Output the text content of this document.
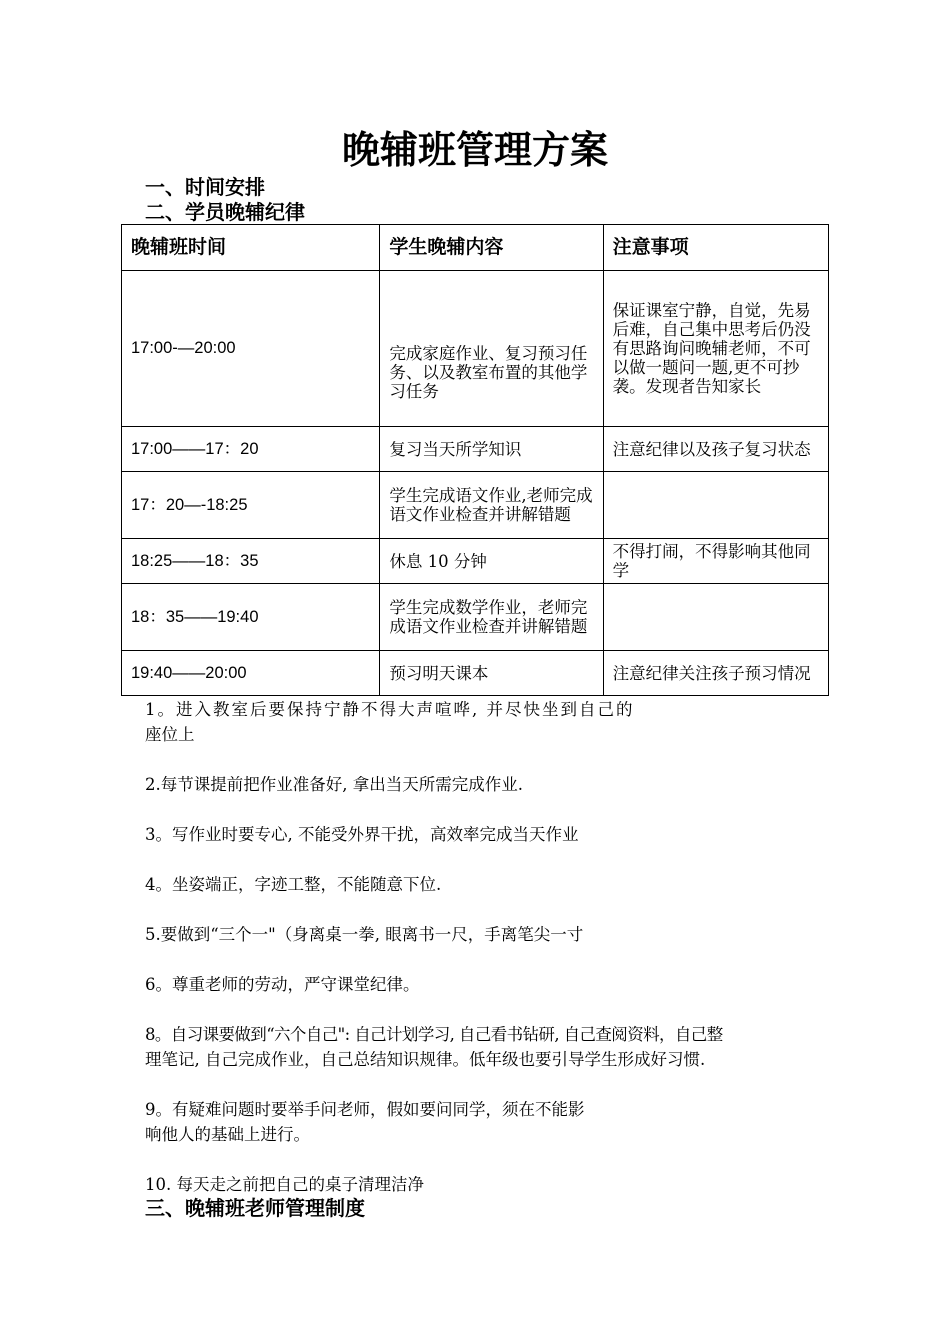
晚辅班管理方案
一、时间安排
二、学员晚辅纪律
晚辅班时间	学生晚辅内容	注意事项
17:00-—20:00	完成家庭作业、复习预习任务、以及教室布置的其他学习任务	保证课室宁静，自觉，先易后难，自己集中思考后仍没有思路询问晚辅老师，不可以做一题问一题,更不可抄袭。发现者告知家长
17:00——17：20	复习当天所学知识	注意纪律以及孩子复习状态
17：20—-18:25	学生完成语文作业,老师完成语文作业检查并讲解错题	
18:25——18：35	休息 10 分钟	不得打闹，不得影响其他同学
18：35——19:40	学生完成数学作业，老师完成语文作业检查并讲解错题	
19:40——20:00	预习明天课本	注意纪律关注孩子预习情况
1。进入教室后要保持宁静不得大声喧哗, 并尽快坐到自己的
座位上
2.每节课提前把作业准备好, 拿出当天所需完成作业.
3。写作业时要专心, 不能受外界干扰，高效率完成当天作业
4。坐姿端正，字迹工整，不能随意下位.
5.要做到“三个一"（身离桌一拳, 眼离书一尺，手离笔尖一寸
6。尊重老师的劳动，严守课堂纪律。
8。自习课要做到“六个自己": 自己计划学习, 自己看书钻研, 自己查阅资料，自己整
理笔记, 自己完成作业，自己总结知识规律。低年级也要引导学生形成好习惯.
9。有疑难问题时要举手问老师，假如要问同学，须在不能影
响他人的基础上进行。
10. 每天走之前把自己的桌子清理洁净
三、晚辅班老师管理制度
